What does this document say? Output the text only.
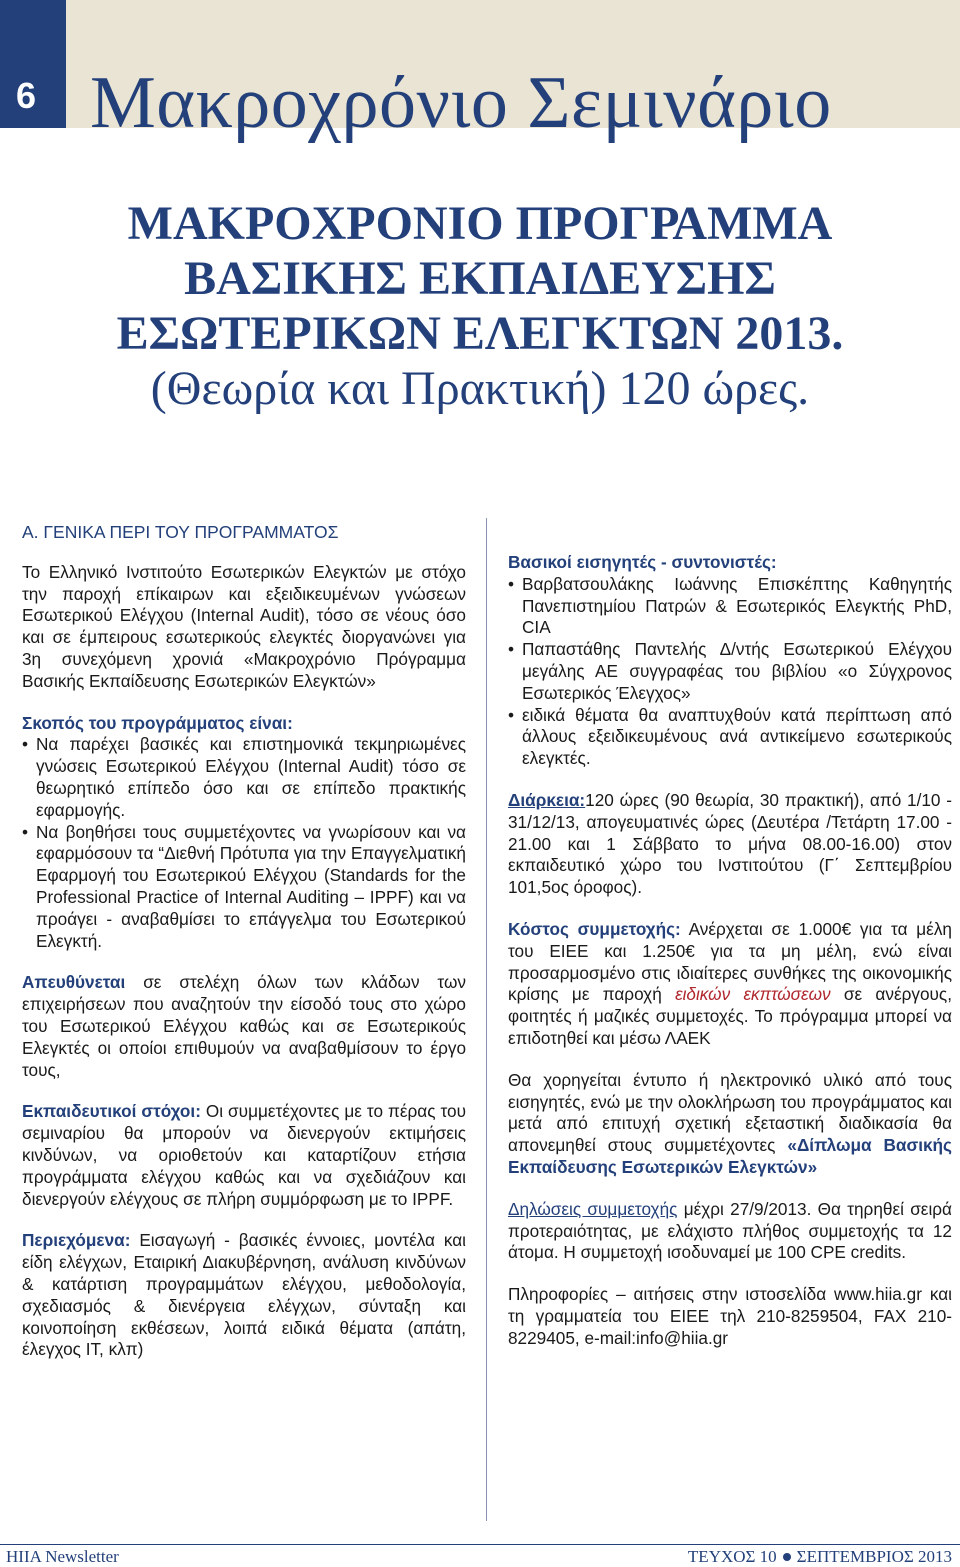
6 Μακροχρόνιο Σεμινάριο
ΜΑΚΡΟΧΡΟΝΙΟ ΠΡΟΓΡΑΜΜΑ
ΒΑΣΙΚΗΣ ΕΚΠΑΙΔΕΥΣΗΣ
ΕΣΩΤΕΡΙΚΩΝ ΕΛΕΓΚΤΩΝ 2013.
(Θεωρία και Πρακτική) 120 ώρες.
Α. ΓΕΝΙΚΑ ΠΕΡΙ ΤΟΥ ΠΡΟΓΡΑΜΜΑΤΟΣ

Το Ελληνικό Ινστιτούτο Εσωτερικών Ελεγκτών με στόχο την παροχή επίκαιρων και εξειδικευμένων γνώσεων Εσωτερικού Ελέγχου (Internal Audit), τόσο σε νέους όσο και σε έμπειρους εσωτερικούς ελεγκτές διοργανώνει για 3η συνεχόμενη χρονιά «Μακροχρόνιο Πρόγραμμα Βασικής Εκπαίδευσης Εσωτερικών Ελεγκτών»

Σκοπός του προγράμματος είναι:
• Να παρέχει βασικές και επιστημονικά τεκμηριωμένες γνώσεις Εσωτερικού Ελέγχου (Internal Audit) τόσο σε θεωρητικό επίπεδο όσο και σε επίπεδο πρακτικής εφαρμογής.
• Να βοηθήσει τους συμμετέχοντες να γνωρίσουν και να εφαρμόσουν τα “Διεθνή Πρότυπα για την Επαγγελματική Εφαρμογή του Εσωτερικού Ελέγχου (Standards for the Professional Practice of Internal Auditing – IPPF) και να προάγει - αναβαθμίσει το επάγγελμα του Εσωτερικού Ελεγκτή.

Απευθύνεται σε στελέχη όλων των κλάδων των επιχειρήσεων που αναζητούν την είσοδό τους στο χώρο του Εσωτερικού Ελέγχου καθώς και σε Εσωτερικούς Ελεγκτές οι οποίοι επιθυμούν να αναβαθμίσουν το έργο τους,

Εκπαιδευτικοί στόχοι: Οι συμμετέχοντες με το πέρας του σεμιναρίου θα μπορούν να διενεργούν εκτιμήσεις κινδύνων, να οριοθετούν και καταρτίζουν ετήσια προγράμματα ελέγχου καθώς και να σχεδιάζουν και διενεργούν ελέγχους σε πλήρη συμμόρφωση με το IPPF.

Περιεχόμενα: Εισαγωγή - βασικές έννοιες, μοντέλα και είδη ελέγχων, Εταιρική Διακυβέρνηση, ανάλυση κινδύνων & κατάρτιση προγραμμάτων ελέγχου, μεθοδολογία, σχεδιασμός & διενέργεια ελέγχων, σύνταξη και κοινοποίηση εκθέσεων, λοιπά ειδικά θέματα (απάτη, έλεγχος IT, κλπ)

Βασικοί εισηγητές - συντονιστές:
• Βαρβατσουλάκης Ιωάννης Επισκέπτης Καθηγητής Πανεπιστημίου Πατρών & Εσωτερικός Ελεγκτής PhD, CIA
• Παπαστάθης Παντελής Δ/ντής Εσωτερικού Ελέγχου μεγάλης ΑΕ συγγραφέας του βιβλίου «ο Σύγχρονος Εσωτερικός Έλεγχος»
• ειδικά θέματα θα αναπτυχθούν κατά περίπτωση από άλλους εξειδικευμένους ανά αντικείμενο εσωτερικούς ελεγκτές.

Διάρκεια:120 ώρες (90 θεωρία, 30 πρακτική), από 1/10 - 31/12/13, απογευματινές ώρες (Δευτέρα /Τετάρτη 17.00 - 21.00 και 1 Σάββατο το μήνα 08.00-16.00) στον εκπαιδευτικό χώρο του Ινστιτούτου (Γ΄ Σεπτεμβρίου 101,5ος όροφος).

Κόστος συμμετοχής: Ανέρχεται σε 1.000€ για τα μέλη του ΕΙΕΕ και 1.250€ για τα μη μέλη, ενώ είναι προσαρμοσμένο στις ιδιαίτερες συνθήκες της οικονομικής κρίσης με παροχή ειδικών εκπτώσεων σε ανέργους, φοιτητές ή μαζικές συμμετοχές. Το πρόγραμμα μπορεί να επιδοτηθεί και μέσω ΛΑΕΚ

Θα χορηγείται έντυπο ή ηλεκτρονικό υλικό από τους εισηγητές, ενώ με την ολοκλήρωση του προγράμματος και μετά από επιτυχή σχετική εξεταστική διαδικασία θα απονεμηθεί στους συμμετέχοντες «Δίπλωμα Βασικής Εκπαίδευσης Εσωτερικών Ελεγκτών»

Δηλώσεις συμμετοχής μέχρι 27/9/2013. Θα τηρηθεί σειρά προτεραιότητας, με ελάχιστο πλήθος συμμετοχής τα 12 άτομα. Η συμμετοχή ισοδυναμεί με 100 CPE credits.

Πληροφορίες – αιτήσεις στην ιστοσελίδα www.hiia.gr και τη γραμματεία του ΕΙΕΕ τηλ 210-8259504, FAX 210-8229405, e-mail:info@hiia.gr

HIIA Newsletter	ΤΕΥΧΟΣ 10 ΣΕΠΤΕΜΒΡΙΟΣ 2013
